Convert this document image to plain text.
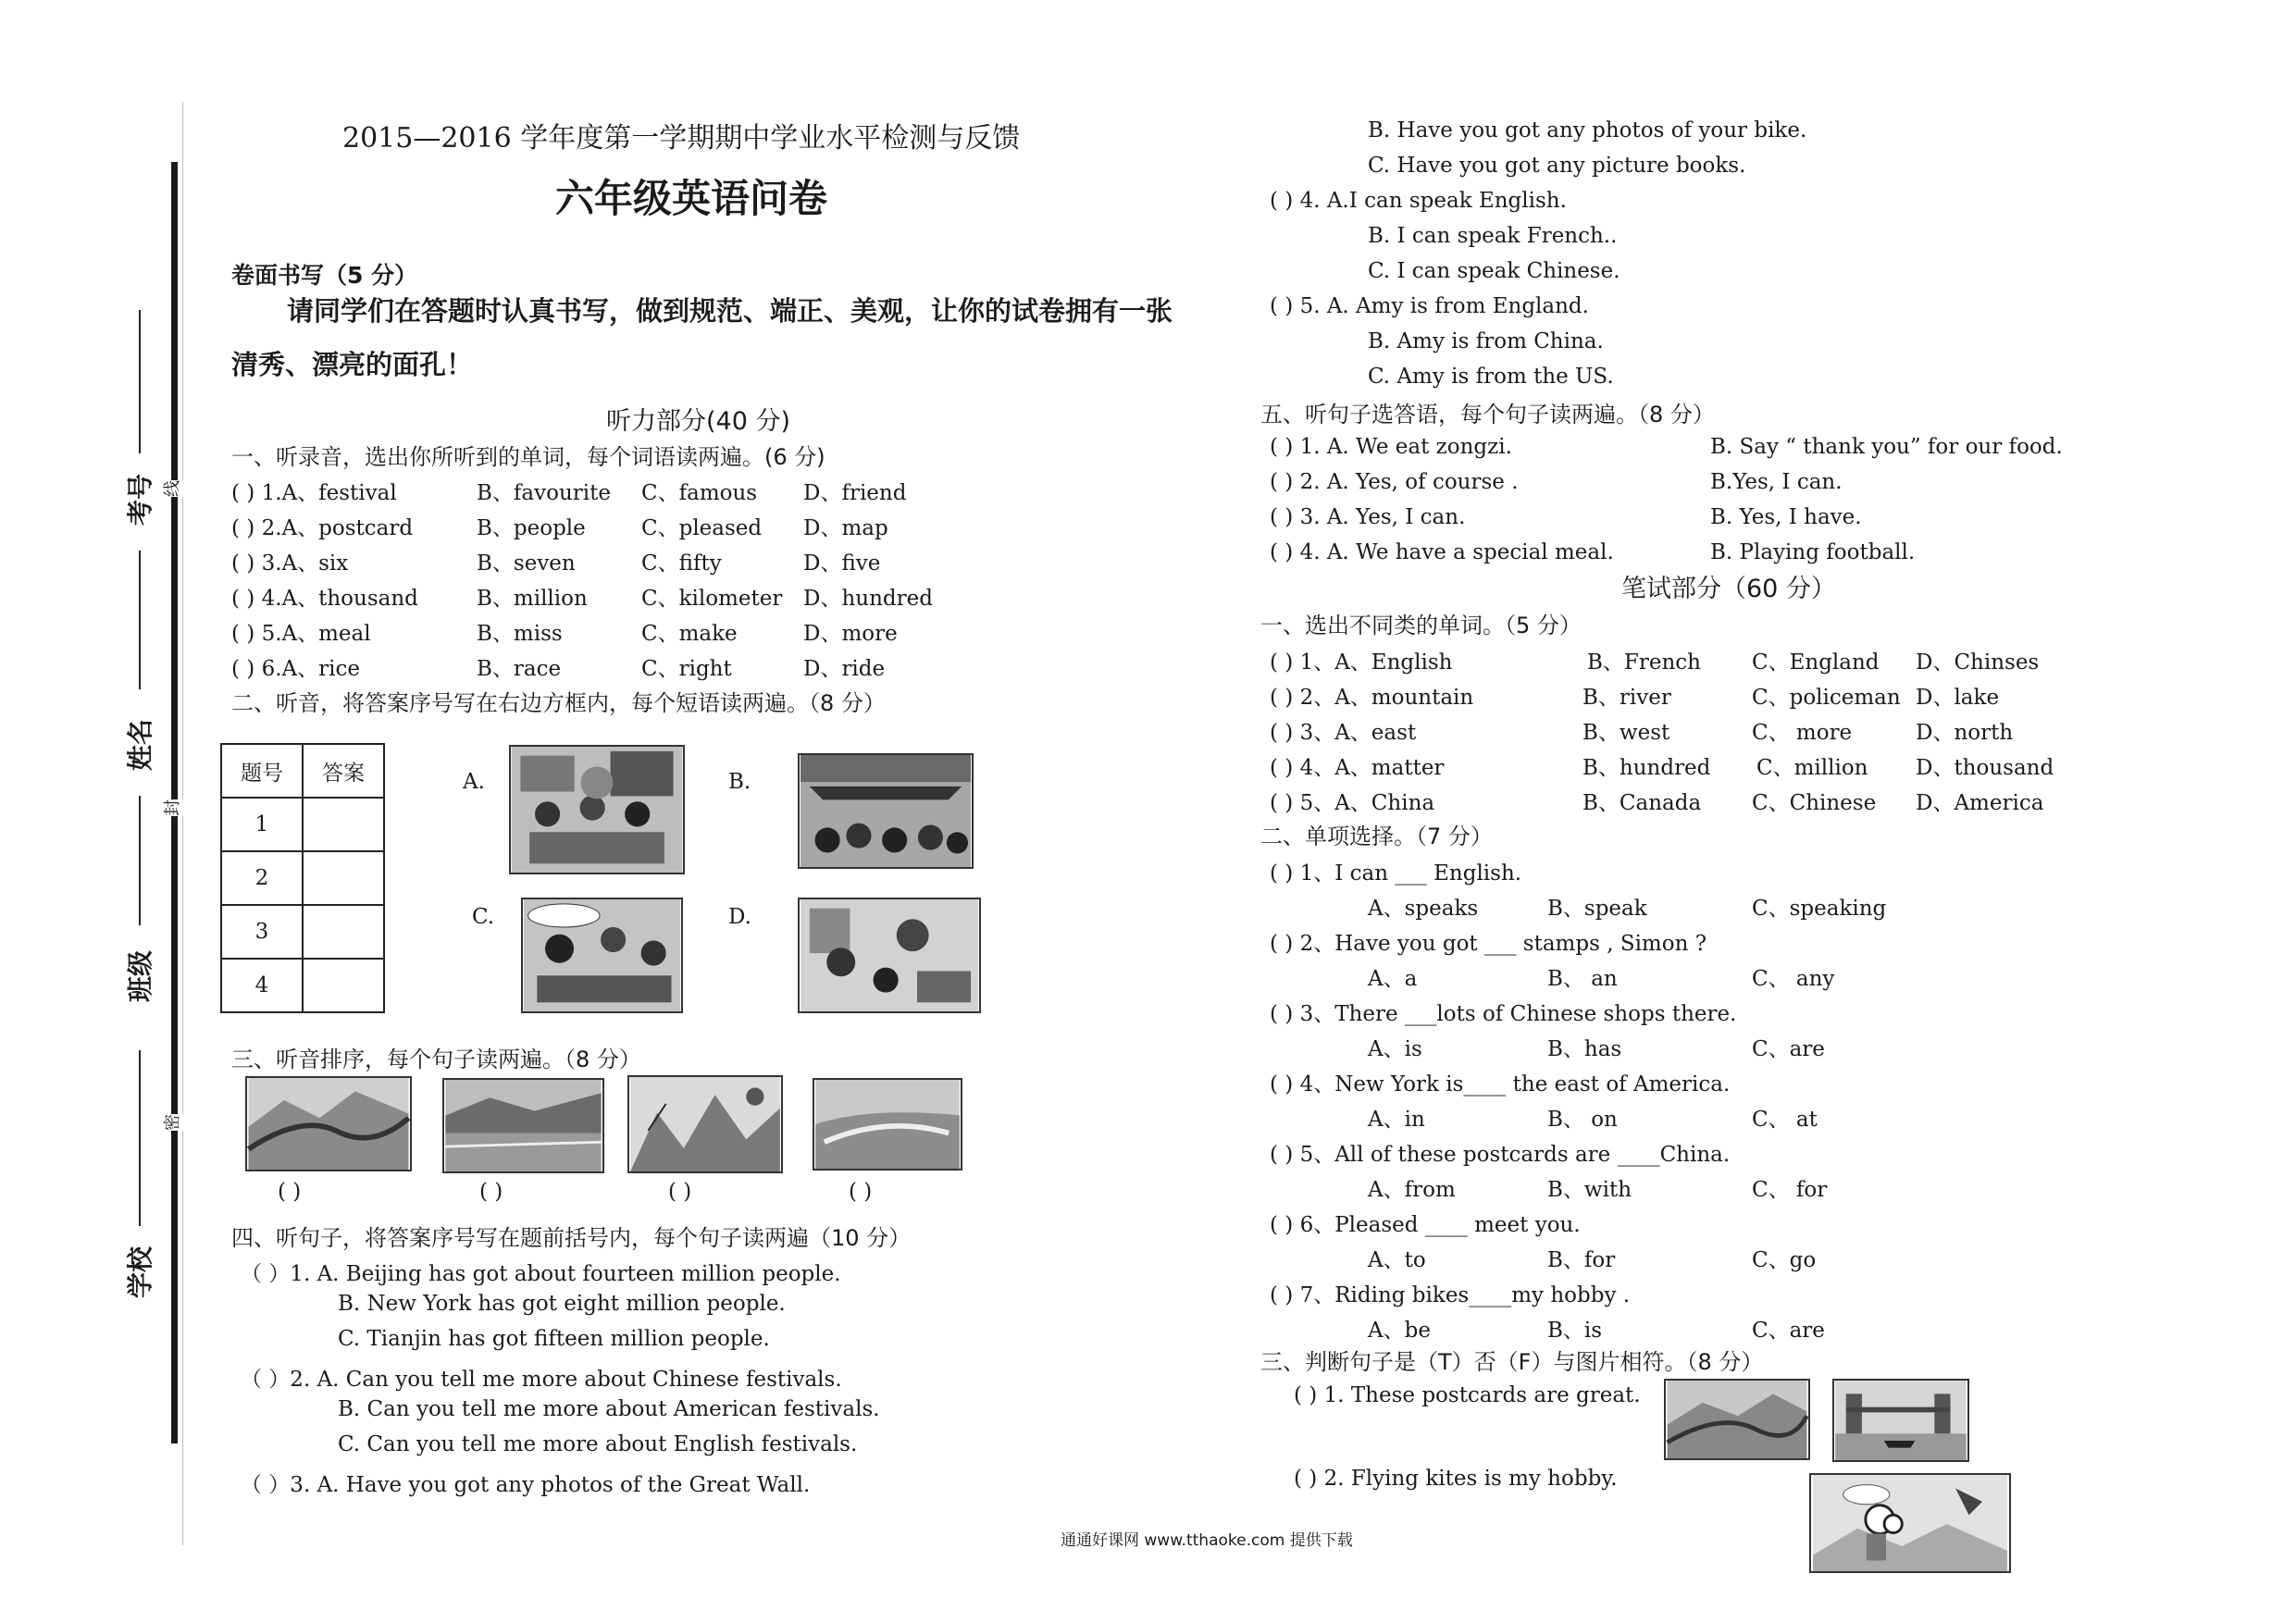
考号
姓名
班级
学校
线
封
密
2015—2016 学年度第一学期期中学业水平检测与反馈
六年级英语问卷
卷面书写（5 分）
请同学们在答题时认真书写，做到规范、端正、美观，让你的试卷拥有一张
清秀、漂亮的面孔！
听力部分(40 分)
一、听录音，选出你所听到的单词，每个词语读两遍。(6 分)
( ) 1.A、festival	B、favourite C、famous D、friend
( ) 2.A、postcard	B、people	C、pleased D、map
( ) 3.A、six	B、seven	C、fifty	D、five
( ) 4.A、thousand	B、million	C、kilometer D、hundred
( ) 5.A、meal	B、miss	C、make	D、more
( ) 6.A、rice	B、race	C、right	D、ride
二、听音，将答案序号写在右边方框内，每个短语读两遍。（8 分）
题号	答案
1	
2	
3	
4	
A.	B.
C.	D.
三、听音排序，每个句子读两遍。（8 分）
( )	( )	( )	( )
四、听句子，将答案序号写在题前括号内，每个句子读两遍（10 分）
（ ）1. A. Beijing has got about fourteen million people.
B. New York has got eight million people.
C. Tianjin has got fifteen million people.
（ ）2. A. Can you tell me more about Chinese festivals.
B. Can you tell me more about American festivals.
C. Can you tell me more about English festivals.
（ ）3. A. Have you got any photos of the Great Wall.
B. Have you got any photos of your bike.
C. Have you got any picture books.
( ) 4. A.I can speak English.
B. I can speak French..
C. I can speak Chinese.
( ) 5. A. Amy is from England.
B. Amy is from China.
C. Amy is from the US.
五、听句子选答语，每个句子读两遍。（8 分）
( ) 1. A. We eat zongzi.	B. Say “ thank you” for our food.
( ) 2. A. Yes, of course .	B.Yes, I can.
( ) 3. A. Yes, I can.	B. Yes, I have.
( ) 4. A. We have a special meal.	B. Playing football.
笔试部分（60 分）
一、选出不同类的单词。（5 分）
( ) 1、A、English	B、French C、England D、Chinses
( ) 2、A、mountain	B、river	C、policeman D、lake
( ) 3、A、east	B、west	C、 more	D、north
( ) 4、A、matter	B、hundred C、million D、thousand
( ) 5、A、China	B、Canada C、Chinese D、America
二、单项选择。（7 分）
( ) 1、I can ___ English.
A、speaks	B、speak	C、speaking
( ) 2、Have you got ___ stamps , Simon ?
A、a	B、 an	C、 any
( ) 3、There ___lots of Chinese shops there.
A、is	B、has	C、are
( ) 4、New York is____ the east of America.
A、in	B、 on	C、 at
( ) 5、All of these postcards are ____China.
A、from	B、with	C、 for
( ) 6、Pleased ____ meet you.
A、to	B、for	C、go
( ) 7、Riding bikes____my hobby .
A、be	B、is	C、are
三、判断句子是（T）否（F）与图片相符。（8 分）
( ) 1. These postcards are great.
( ) 2. Flying kites is my hobby.
通通好课网 www.tthaoke.com 提供下载
